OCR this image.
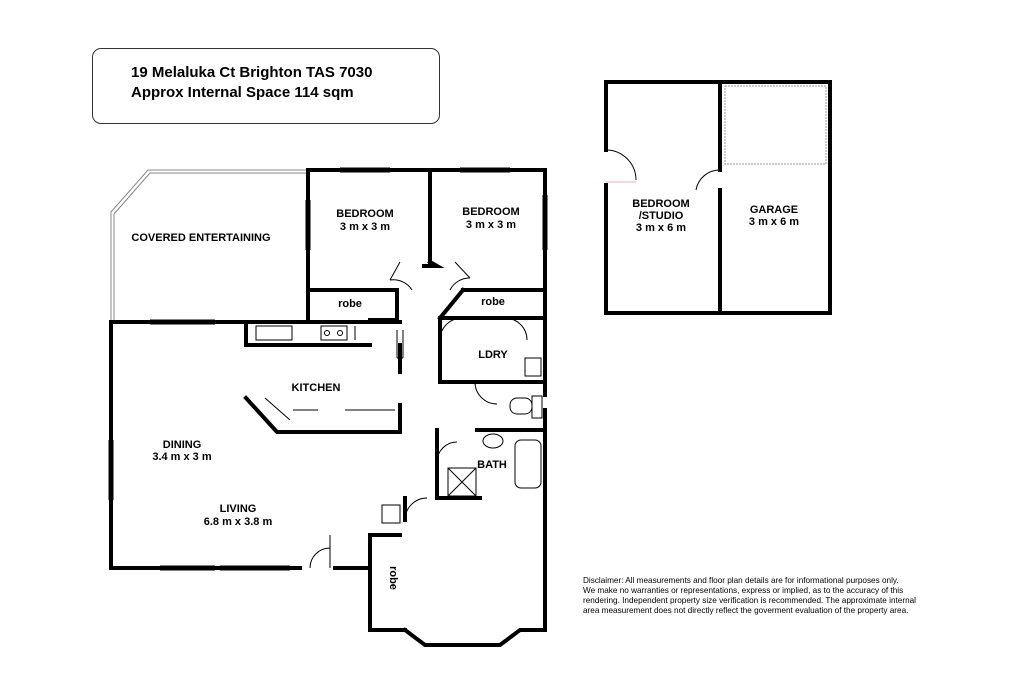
19 Melaluka Ct Brighton TAS 7030
Approx Internal Space 114 sqm
COVERED ENTERTAINING
BEDROOM
3 m x 3 m
BEDROOM
3 m x 3 m
robe	robe
LDRY
KITCHEN
BATH
DINING
3.4 m x 3 m
LIVING
6.8 m x 3.8 m
robe
BEDROOM
/STUDIO
3 m x 6 m
GARAGE
3 m x 6 m
Disclaimer: All measurements and floor plan details are for informational purposes only.
We make no warranties or representations, express or implied, as to the accuracy of this
rendering. Independent property size verification is recommended. The approximate internal
area measurement does not directly reflect the goverment evaluation of the property area.
